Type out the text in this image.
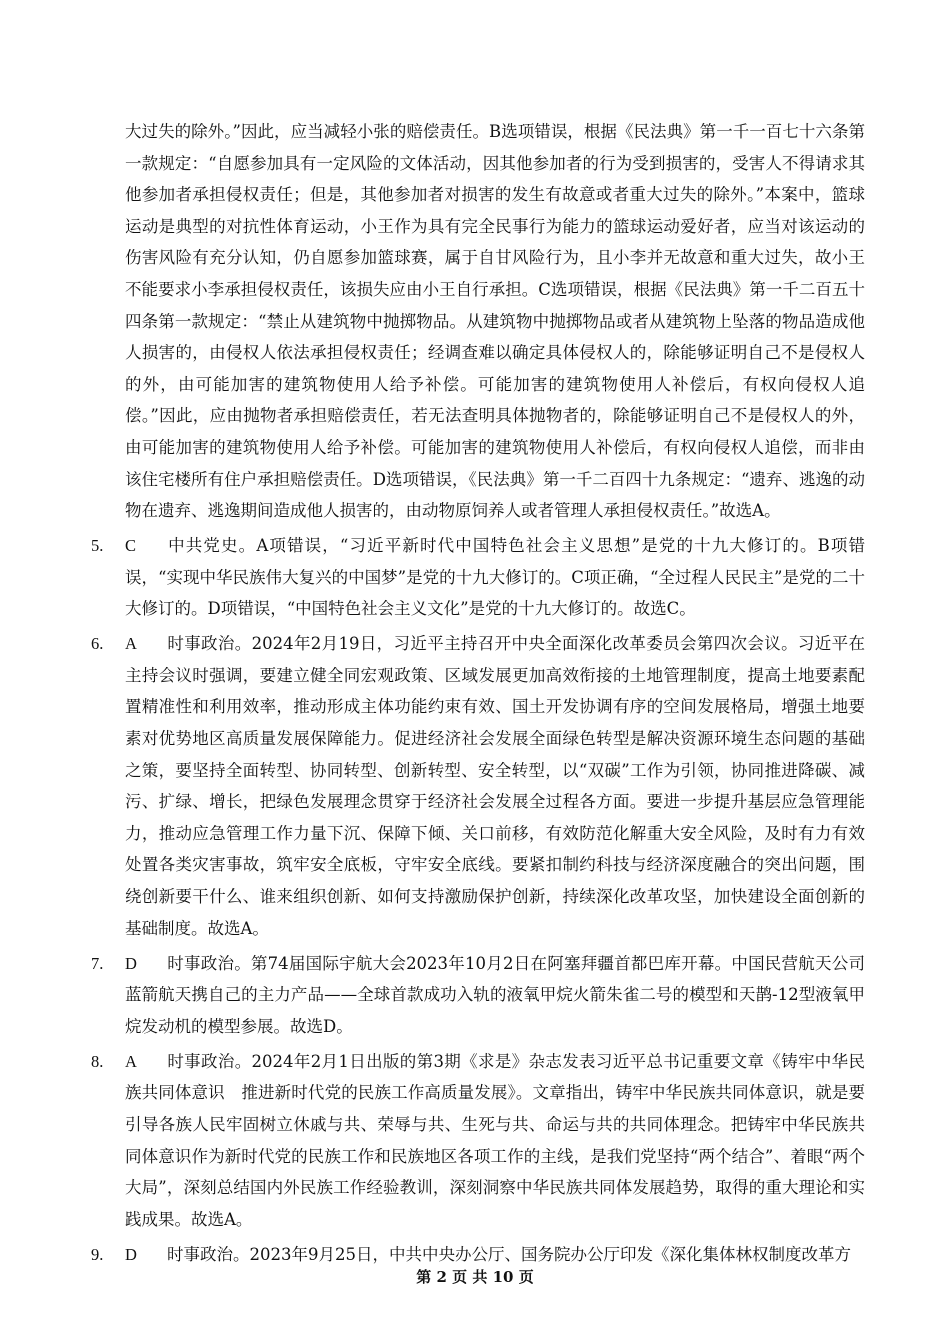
大过失的除外。”因此，应当减轻小张的赔偿责任。B选项错误，根据《民法典》第一千一百七十六条第一款规定：“自愿参加具有一定风险的文体活动，因其他参加者的行为受到损害的，受害人不得请求其他参加者承担侵权责任；但是，其他参加者对损害的发生有故意或者重大过失的除外。”本案中，篮球运动是典型的对抗性体育运动，小王作为具有完全民事行为能力的篮球运动爱好者，应当对该运动的伤害风险有充分认知，仍自愿参加篮球赛，属于自甘风险行为，且小李并无故意和重大过失，故小王不能要求小李承担侵权责任，该损失应由小王自行承担。C选项错误，根据《民法典》第一千二百五十四条第一款规定：“禁止从建筑物中抛掷物品。从建筑物中抛掷物品或者从建筑物上坠落的物品造成他人损害的，由侵权人依法承担侵权责任；经调查难以确定具体侵权人的，除能够证明自己不是侵权人的外，由可能加害的建筑物使用人给予补偿。可能加害的建筑物使用人补偿后，有权向侵权人追偿。”因此，应由抛物者承担赔偿责任，若无法查明具体抛物者的，除能够证明自己不是侵权人的外，由可能加害的建筑物使用人给予补偿。可能加害的建筑物使用人补偿后，有权向侵权人追偿，而非由该住宅楼所有住户承担赔偿责任。D选项错误，《民法典》第一千二百四十九条规定：“遗弃、逃逸的动物在遗弃、逃逸期间造成他人损害的，由动物原饲养人或者管理人承担侵权责任。”故选A。

5. C 中共党史。A项错误，“习近平新时代中国特色社会主义思想”是党的十九大修订的。B项错误，“实现中华民族伟大复兴的中国梦”是党的十九大修订的。C项正确，“全过程人民民主”是党的二十大修订的。D项错误，“中国特色社会主义文化”是党的十九大修订的。故选C。
6. A 时事政治。2024年2月19日，习近平主持召开中央全面深化改革委员会第四次会议。习近平在主持会议时强调，要建立健全同宏观政策、区域发展更加高效衔接的土地管理制度，提高土地要素配置精准性和利用效率，推动形成主体功能约束有效、国土开发协调有序的空间发展格局，增强土地要素对优势地区高质量发展保障能力。促进经济社会发展全面绿色转型是解决资源环境生态问题的基础之策，要坚持全面转型、协同转型、创新转型、安全转型，以“双碳”工作为引领，协同推进降碳、减污、扩绿、增长，把绿色发展理念贯穿于经济社会发展全过程各方面。要进一步提升基层应急管理能力，推动应急管理工作力量下沉、保障下倾、关口前移，有效防范化解重大安全风险，及时有力有效处置各类灾害事故，筑牢安全底板，守牢安全底线。要紧扣制约科技与经济深度融合的突出问题，围绕创新要干什么、谁来组织创新、如何支持激励保护创新，持续深化改革攻坚，加快建设全面创新的基础制度。故选A。
7. D 时事政治。第74届国际宇航大会2023年10月2日在阿塞拜疆首都巴库开幕。中国民营航天公司蓝箭航天携自己的主力产品——全球首款成功入轨的液氧甲烷火箭朱雀二号的模型和天鹊-12型液氧甲烷发动机的模型参展。故选D。
8. A 时事政治。2024年2月1日出版的第3期《求是》杂志发表习近平总书记重要文章《铸牢中华民族共同体意识　推进新时代党的民族工作高质量发展》。文章指出，铸牢中华民族共同体意识，就是要引导各族人民牢固树立休戚与共、荣辱与共、生死与共、命运与共的共同体理念。把铸牢中华民族共同体意识作为新时代党的民族工作和民族地区各项工作的主线，是我们党坚持“两个结合”、着眼“两个大局”，深刻总结国内外民族工作经验教训，深刻洞察中华民族共同体发展趋势，取得的重大理论和实践成果。故选A。
9. D 时事政治。2023年9月25日，中共中央办公厅、国务院办公厅印发《深化集体林权制度改革方
第 2 页 共 10 页
